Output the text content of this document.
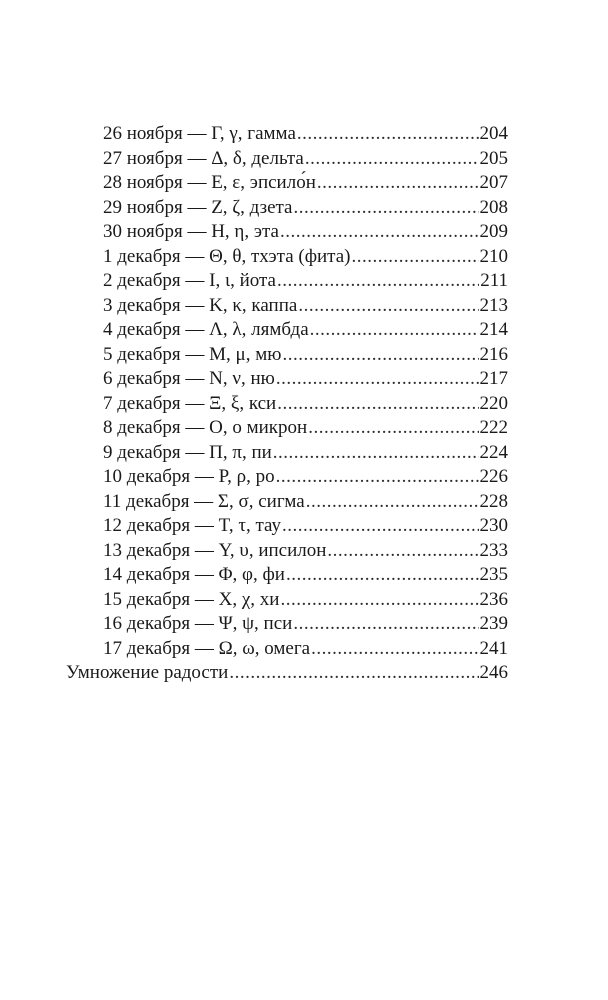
26 ноября — Γ, γ, гамма .....	204
27 ноября — Δ, δ, дельта .....	205
28 ноября — Ε, ε, эпсило́н .....	207
29 ноября — Ζ, ζ, дзета .....	208
30 ноября — Η, η, эта .....	209
1 декабря — Θ, θ, тхэта (фита) .....	210
2 декабря — Ι, ι, йота .....	211
3 декабря — Κ, κ, каппа .....	213
4 декабря — Λ, λ, лямбда .....	214
5 декабря — Μ, μ, мю .....	216
6 декабря — Ν, ν, ню .....	217
7 декабря — Ξ, ξ, кси .....	220
8 декабря — Ο, ο микрон .....	222
9 декабря — Π, π, пи .....	224
10 декабря — Ρ, ρ, ро .....	226
11 декабря — Σ, σ, сигма .....	228
12 декабря — Τ, τ, тау .....	230
13 декабря — Υ, υ, ипсилон .....	233
14 декабря — Φ, φ, фи .....	235
15 декабря — Χ, χ, хи .....	236
16 декабря — Ψ, ψ, пси .....	239
17 декабря — Ω, ω, омега .....	241
Умножение радости .....	246
